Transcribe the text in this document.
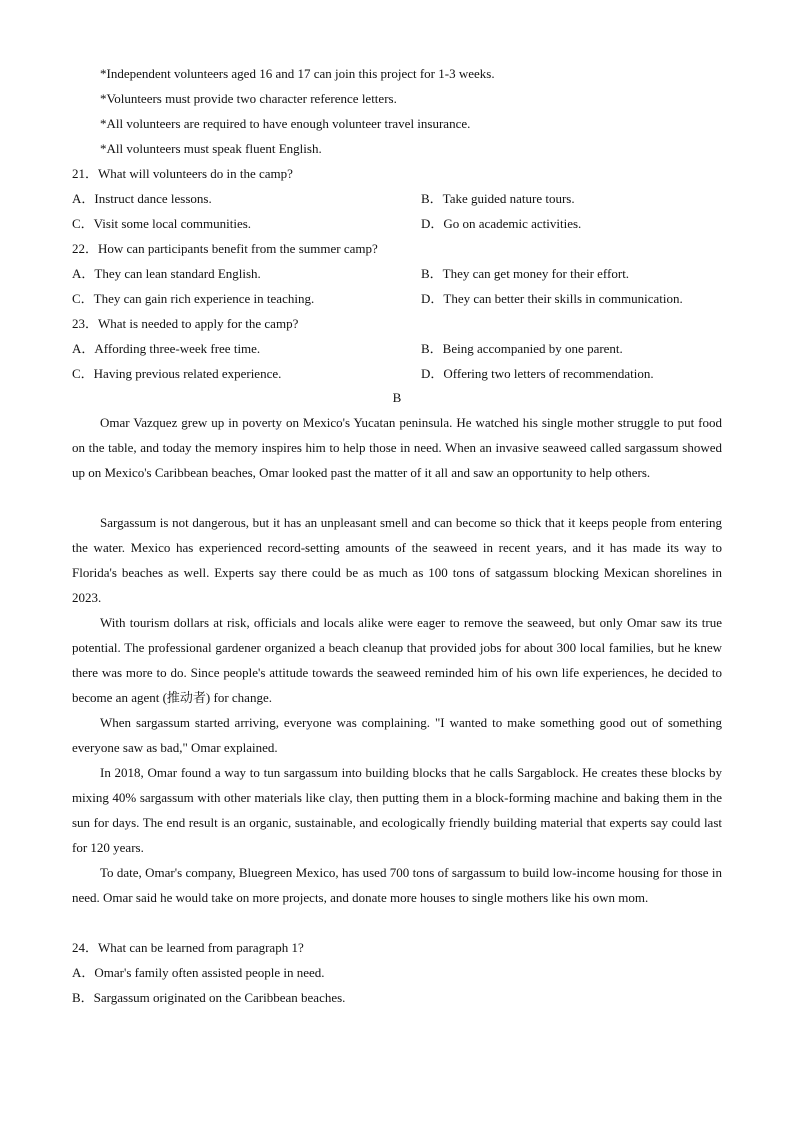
*Independent volunteers aged 16 and 17 can join this project for 1-3 weeks.
*Volunteers must provide two character reference letters.
*All volunteers are required to have enough volunteer travel insurance.
*All volunteers must speak fluent English.
21．What will volunteers do in the camp?
A．Instruct dance lessons.	B．Take guided nature tours.
C．Visit some local communities.	D．Go on academic activities.
22．How can participants benefit from the summer camp?
A．They can lean standard English.	B．They can get money for their effort.
C．They can gain rich experience in teaching.	D．They can better their skills in communication.
23．What is needed to apply for the camp?
A．Affording three-week free time.	B．Being accompanied by one parent.
C．Having previous related experience.	D．Offering two letters of recommendation.
B

Omar Vazquez grew up in poverty on Mexico's Yucatan peninsula. He watched his single mother struggle to put food on the table, and today the memory inspires him to help those in need. When an invasive seaweed called sargassum showed up on Mexico's Caribbean beaches, Omar looked past the matter of it all and saw an opportunity to help others.

Sargassum is not dangerous, but it has an unpleasant smell and can become so thick that it keeps people from entering the water. Mexico has experienced record-setting amounts of the seaweed in recent years, and it has made its way to Florida's beaches as well. Experts say there could be as much as 100 tons of satgassum blocking Mexican shorelines in 2023.

With tourism dollars at risk, officials and locals alike were eager to remove the seaweed, but only Omar saw its true potential. The professional gardener organized a beach cleanup that provided jobs for about 300 local families, but he knew there was more to do. Since people's attitude towards the seaweed reminded him of his own life experiences, he decided to become an agent (推动者) for change.

When sargassum started arriving, everyone was complaining. "I wanted to make something good out of something everyone saw as bad," Omar explained.

In 2018, Omar found a way to tun sargassum into building blocks that he calls Sargablock. He creates these blocks by mixing 40% sargassum with other materials like clay, then putting them in a block-forming machine and baking them in the sun for days. The end result is an organic, sustainable, and ecologically friendly building material that experts say could last for 120 years.

To date, Omar's company, Bluegreen Mexico, has used 700 tons of sargassum to build low-income housing for those in need. Omar said he would take on more projects, and donate more houses to single mothers like his own mom.

24．What can be learned from paragraph 1?
A．Omar's family often assisted people in need.
B．Sargassum originated on the Caribbean beaches.
